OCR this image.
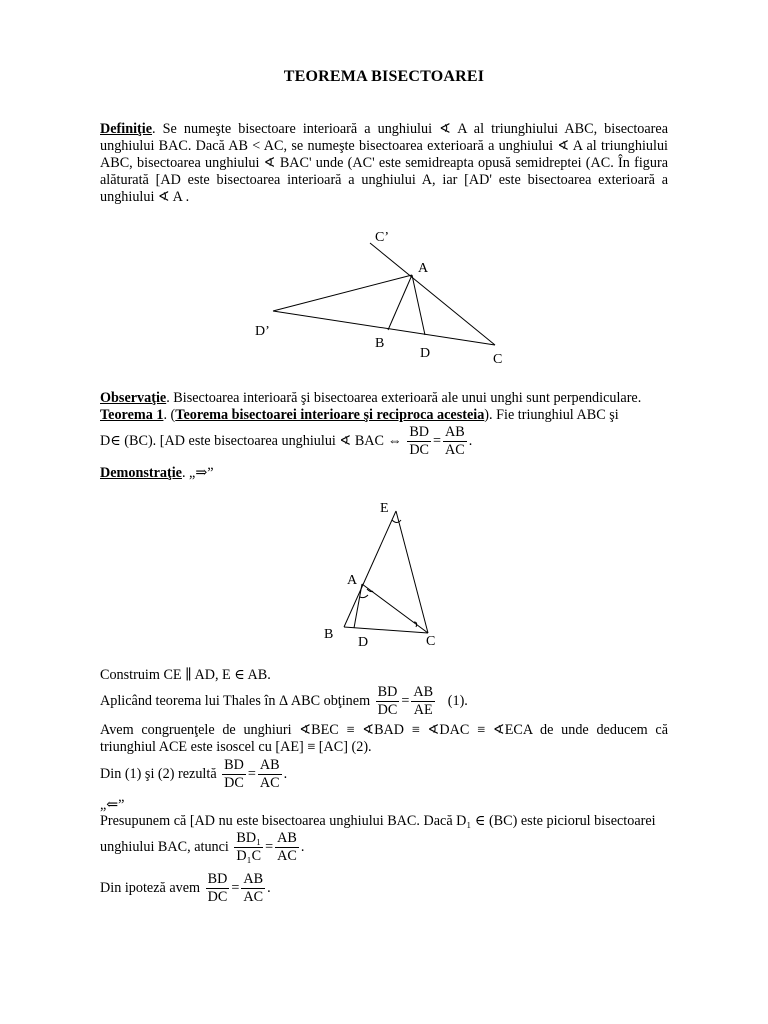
TEOREMA BISECTOAREI
Definiţie. Se numeşte bisectoare interioară a unghiului ∢ A al triunghiului ABC, bisectoarea unghiului BAC. Dacă AB < AC, se numeşte bisectoarea exterioară a unghiului ∢ A al triunghiului ABC, bisectoarea unghiului ∢ BAC' unde (AC' este semidreapta opusă semidreptei (AC. În figura alăturată [AD este bisectoarea interioară a unghiului A, iar [AD' este bisectoarea exterioară a unghiului ∢ A .
C’
A
D’
B
D	C
Observaţie. Bisectoarea interioară şi bisectoarea exterioară ale unui unghi sunt perpendiculare.
Teorema 1. (Teorema bisectoarei interioare şi reciproca acesteia). Fie triunghiul ABC şi
D∈ (BC). [AD este bisectoarea unghiului ∢ BAC ⇔ $\frac{BD}{DC} = \frac{AB}{AC}$ .
Demonstraţie. „⇒”
E
A
B
D	C
Construim CE ∥ AD, E ∈ AB.
Aplicând teorema lui Thales în Δ ABC obţinem $\frac{BD}{DC} = \frac{AB}{AE} (1)$.
Avem congruenţele de unghiuri ∢BEC ≡ ∢BAD ≡ ∢DAC ≡ ∢ECA de unde deducem că triunghiul ACE este isoscel cu [AE] ≡ [AC] (2).
Din (1) şi (2) rezultă $\frac{BD}{DC} = \frac{AB}{AC}$ .
„⇐”
Presupunem că [AD nu este bisectoarea unghiului BAC. Dacă D₁ ∈ (BC) este piciorul bisectoarei
unghiului BAC, atunci $\frac{\text{BD₁}}{\text{D₁C}} = \frac{AB}{AC}$ .
Din ipoteză avem $\frac{BD}{DC} = \frac{AB}{AC}$ .
